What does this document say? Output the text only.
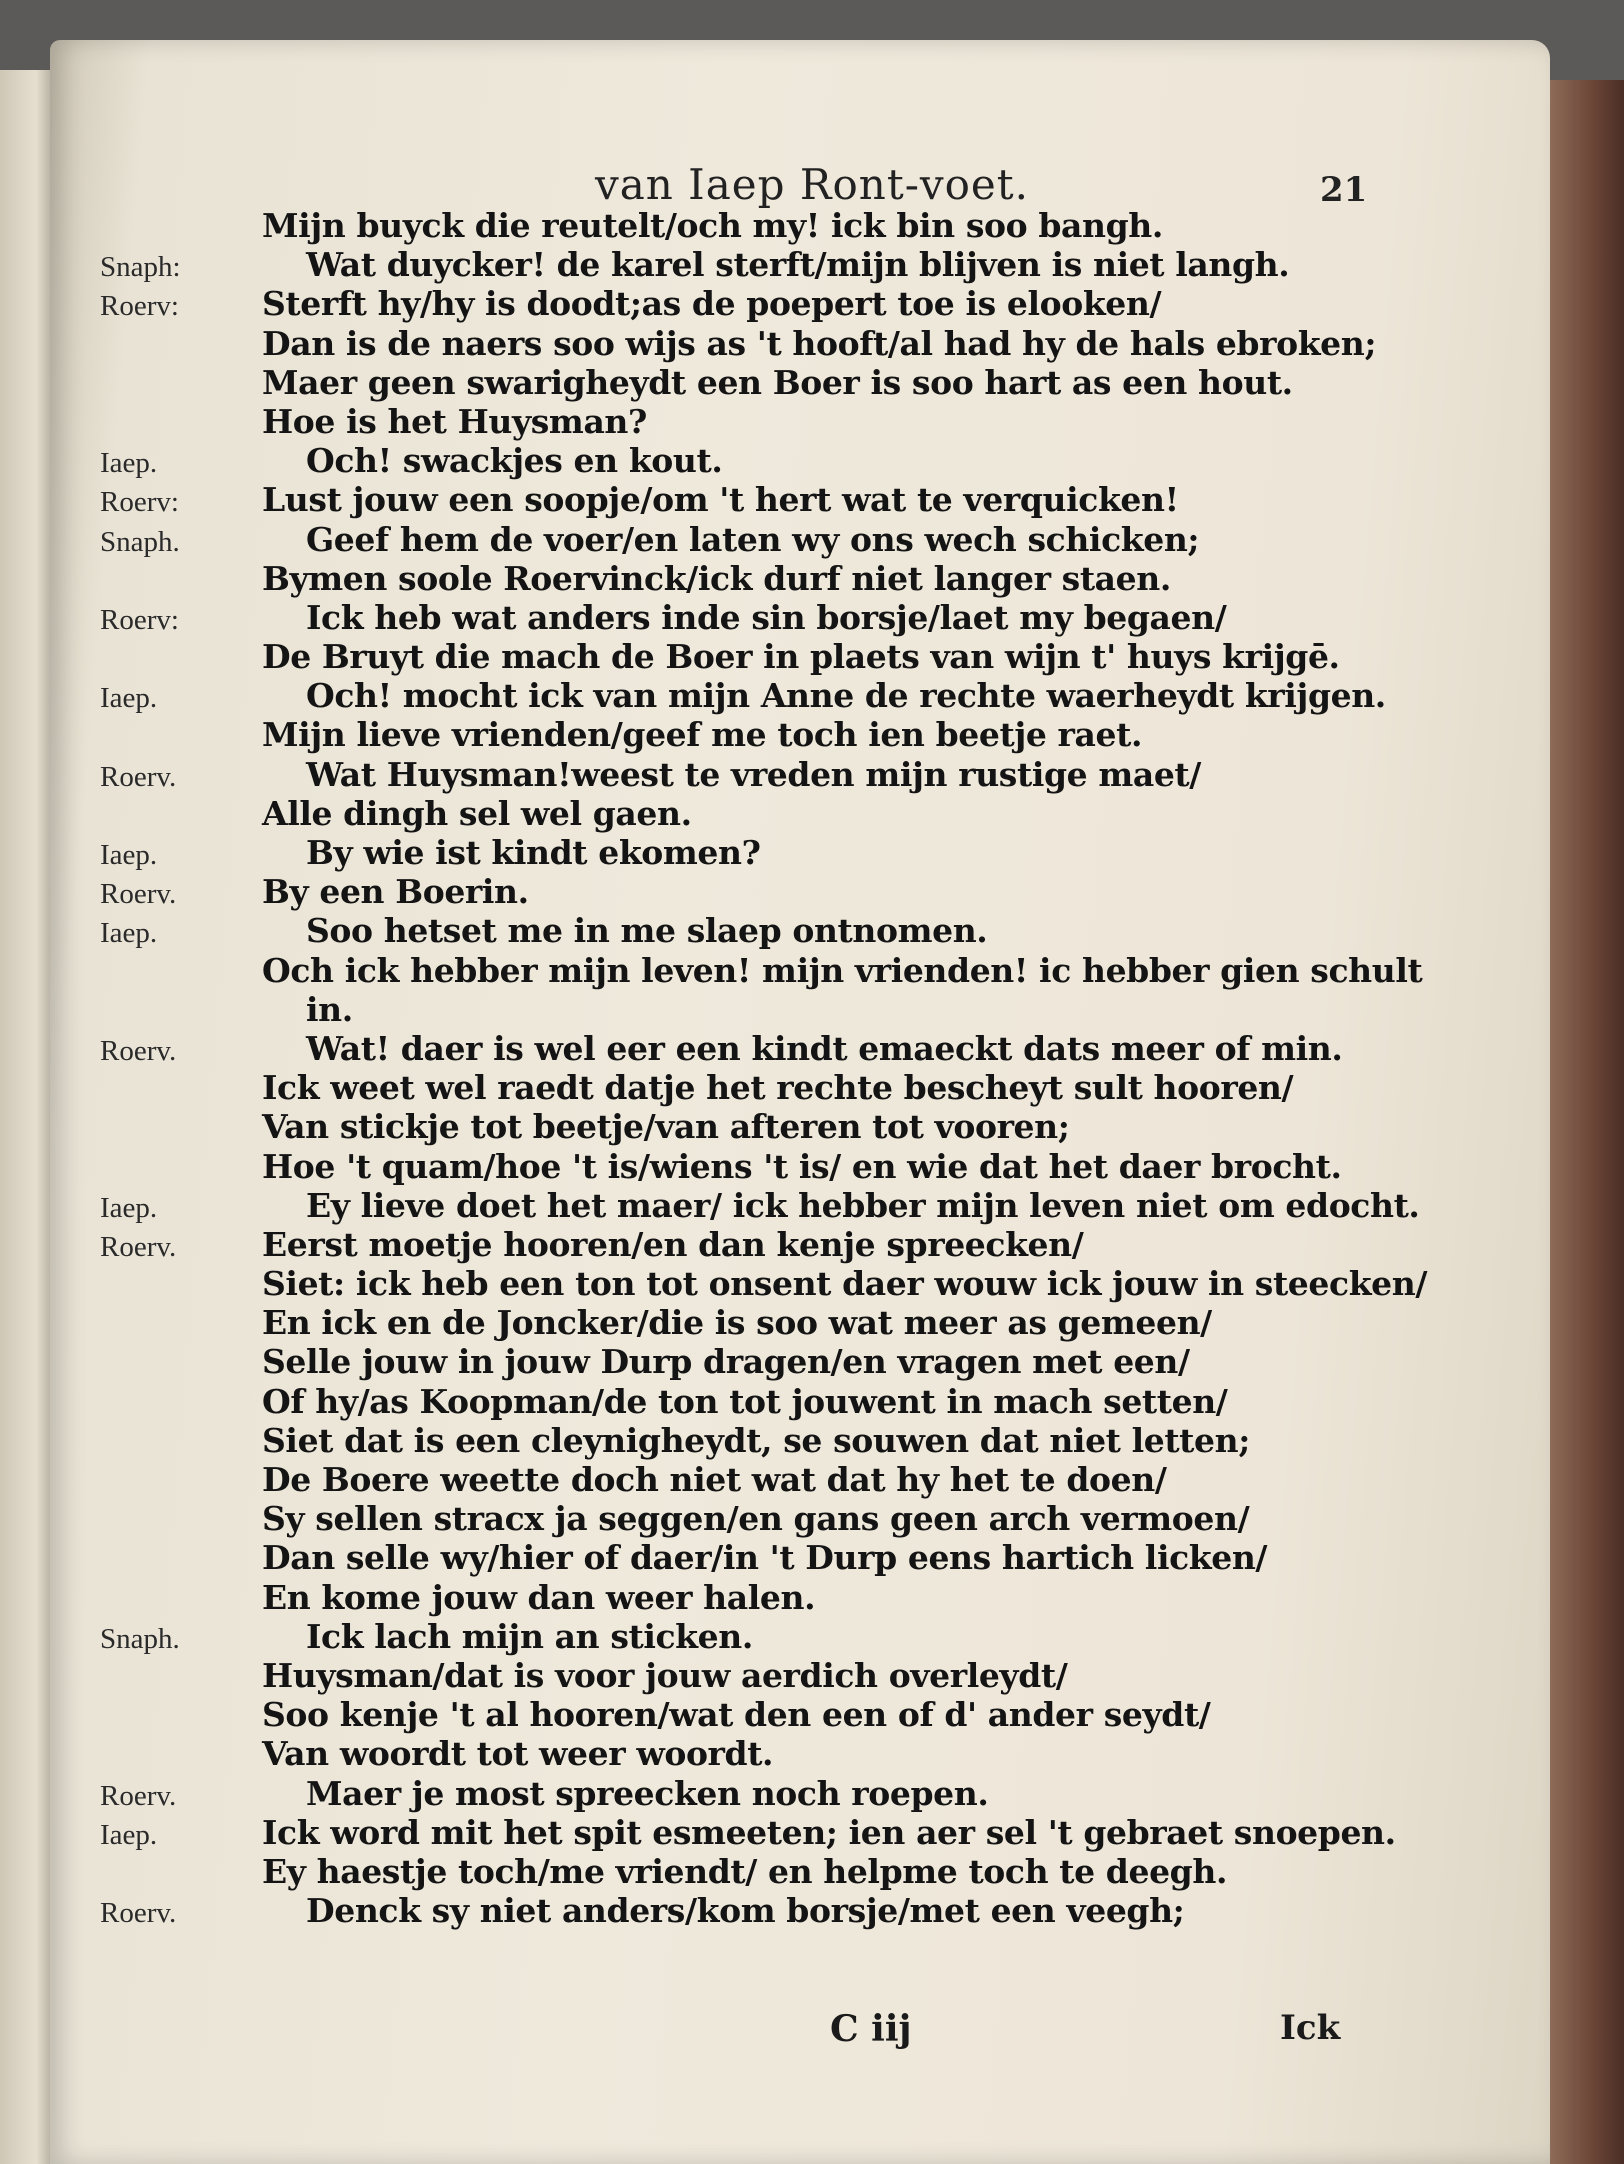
van Iaep Ront-voet.	21
Mijn buyck die reutelt/och my! ick bin soo bangh.
Snaph:	Wat duycker! de karel sterft/mijn blijven is niet langh.
Roerv:	Sterft hy/hy is doodt;as de poepert toe is elooken/
Dan is de naers soo wijs as 't hooft/al had hy de hals ebroken;
Maer geen swarigheydt een Boer is soo hart as een hout.
Hoe is het Huysman?
Iaep.	Och! swackjes en kout.
Roerv:	Lust jouw een soopje/om 't hert wat te verquicken!
Snaph.	Geef hem de voer/en laten wy ons wech schicken;
Bymen soole Roervinck/ick durf niet langer staen.
Roerv:	Ick heb wat anders inde sin borsje/laet my begaen/
De Bruyt die mach de Boer in plaets van wijn t' huys krijgē.
Iaep.	Och! mocht ick van mijn Anne de rechte waerheydt krijgen.
Mijn lieve vrienden/geef me toch ien beetje raet.
Roerv.	Wat Huysman!weest te vreden mijn rustige maet/
Alle dingh sel wel gaen.
Iaep.	By wie ist kindt ekomen?
Roerv.	By een Boerin.
Iaep.	Soo hetset me in me slaep ontnomen.
Och ick hebber mijn leven! mijn vrienden! ic hebber gien schult
in.
Roerv.	Wat! daer is wel eer een kindt emaeckt dats meer of min.
Ick weet wel raedt datje het rechte bescheyt sult hooren/
Van stickje tot beetje/van afteren tot vooren;
Hoe 't quam/hoe 't is/wiens 't is/ en wie dat het daer brocht.
Iaep.	Ey lieve doet het maer/ ick hebber mijn leven niet om edocht.
Roerv.	Eerst moetje hooren/en dan kenje spreecken/
Siet: ick heb een ton tot onsent daer wouw ick jouw in steecken/
En ick en de Joncker/die is soo wat meer as gemeen/
Selle jouw in jouw Durp dragen/en vragen met een/
Of hy/as Koopman/de ton tot jouwent in mach setten/
Siet dat is een cleynigheydt, se souwen dat niet letten;
De Boere weette doch niet wat dat hy het te doen/
Sy sellen stracx ja seggen/en gans geen arch vermoen/
Dan selle wy/hier of daer/in 't Durp eens hartich licken/
En kome jouw dan weer halen.
Snaph.	Ick lach mijn an sticken.
Huysman/dat is voor jouw aerdich overleydt/
Soo kenje 't al hooren/wat den een of d' ander seydt/
Van woordt tot weer woordt.
Roerv.	Maer je most spreecken noch roepen.
Iaep.	Ick word mit het spit esmeeten; ien aer sel 't gebraet snoepen.
Ey haestje toch/me vriendt/ en helpme toch te deegh.
Roerv.	Denck sy niet anders/kom borsje/met een veegh;
C iij	Ick
